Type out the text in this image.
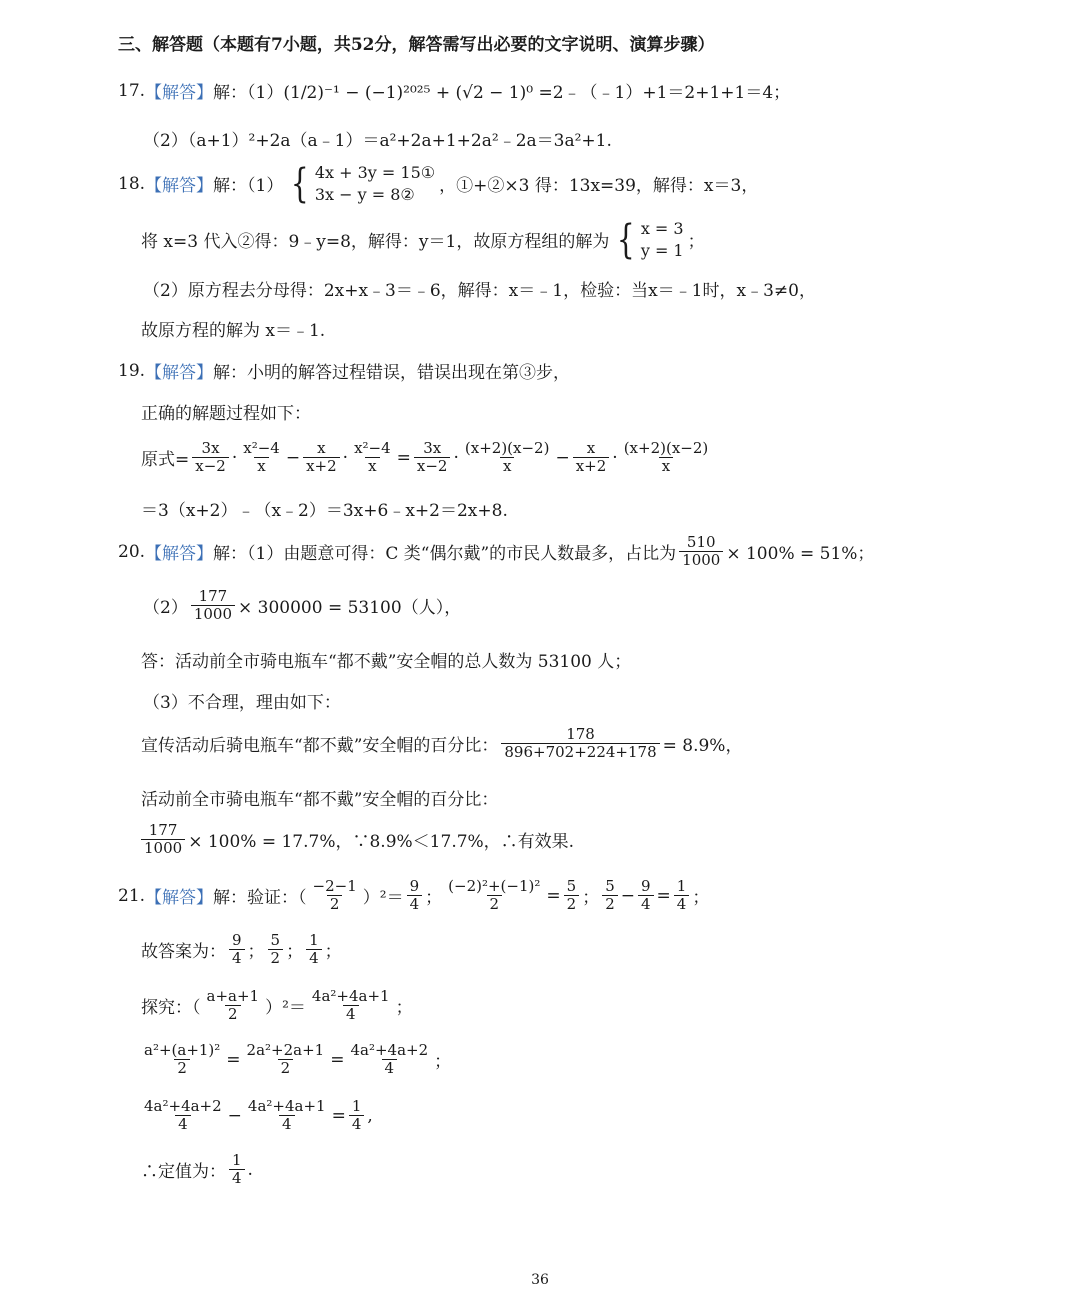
三、解答题（本题有7小题，共52分，解答需写出必要的文字说明、演算步骤）
17. 【解答】 解：（1） (1/2)⁻¹ − (−1)²⁰²⁵ + (√2 − 1)⁰ =2﹣（﹣1）+1＝2+1+1＝4；
（2）（a+1）²+2a（a﹣1）＝a²+2a+1+2a²﹣2a＝3a²+1.
18. 【解答】 解：（1） { 4x + 3y = 15①
3x − y = 8②	，①+②×3 得：13x=39，解得：x＝3，
将 x=3 代入②得：9﹣y=8，解得：y＝1，故原方程组的解为 { x = 3
y = 1 ；
（2）原方程去分母得：2x+x﹣3＝﹣6，解得：x＝﹣1，检验：当x＝﹣1时，x﹣3≠0，
故原方程的解为 x＝﹣1.
19. 【解答】 解：小明的解答过程错误，错误出现在第③步，
正确的解题过程如下：
原式= $\frac{3x}{x-2} \cdot \frac{\text{x²−4}}{x} - \frac{x}{x+2} \cdot \frac{\text{x²−4}}{x} = \frac{3x}{x-2} \cdot \frac{(x+2)(x-2)}{x} - \frac{x}{x+2} \cdot \frac{(x+2)(x-2)}{x}$
＝3（x+2）﹣（x﹣2）＝3x+6﹣x+2＝2x+8.
20. 【解答】 解：（1）由题意可得：C 类“偶尔戴”的市民人数最多，占比为 $\frac{510}{1000} \times 100\% = 51\%$；
$(2) \frac{177}{1000} \times 300000 = 53100$（人），
答：活动前全市骑电瓶车“都不戴”安全帽的总人数为 53100 人；
（3）不合理，理由如下：
宣传活动后骑电瓶车“都不戴”安全帽的百分比： $\frac{178}{896+702+224+178} = 8.9\%$，
活动前全市骑电瓶车“都不戴”安全帽的百分比：
$\frac{177}{1000} \times 100\% = 17.7\%$，∵8.9%＜17.7%，∴有效果.
21. 【解答】 解：验证：（ $\frac{-2-1}{2} )^2= \frac{9}{4}$ ； $\frac{\text{(−2)²+(−1)²}}{2} = \frac{5}{2}$ ； $\frac{5}{2} - \frac{9}{4} = \frac{1}{4}$ ；
故答案为： $\frac{9}{4}$ ； $\frac{5}{2}$ ； $\frac{1}{4}$ ；
探究：（ $\frac{a+a+1}{2} )^2= \frac{\text{4a²+4a+1}}{4}$ ；
$\frac{\text{a²+(a+1)²}}{2} = \frac{\text{2a²+2a+1}}{2} = \frac{\text{4a²+4a+2}}{4}$ ；
$\frac{\text{4a²+4a+2}}{4} - \frac{\text{4a²+4a+1}}{4} = \frac{1}{4}$ ,
∴定值为： $\frac{1}{4}$ .
36
